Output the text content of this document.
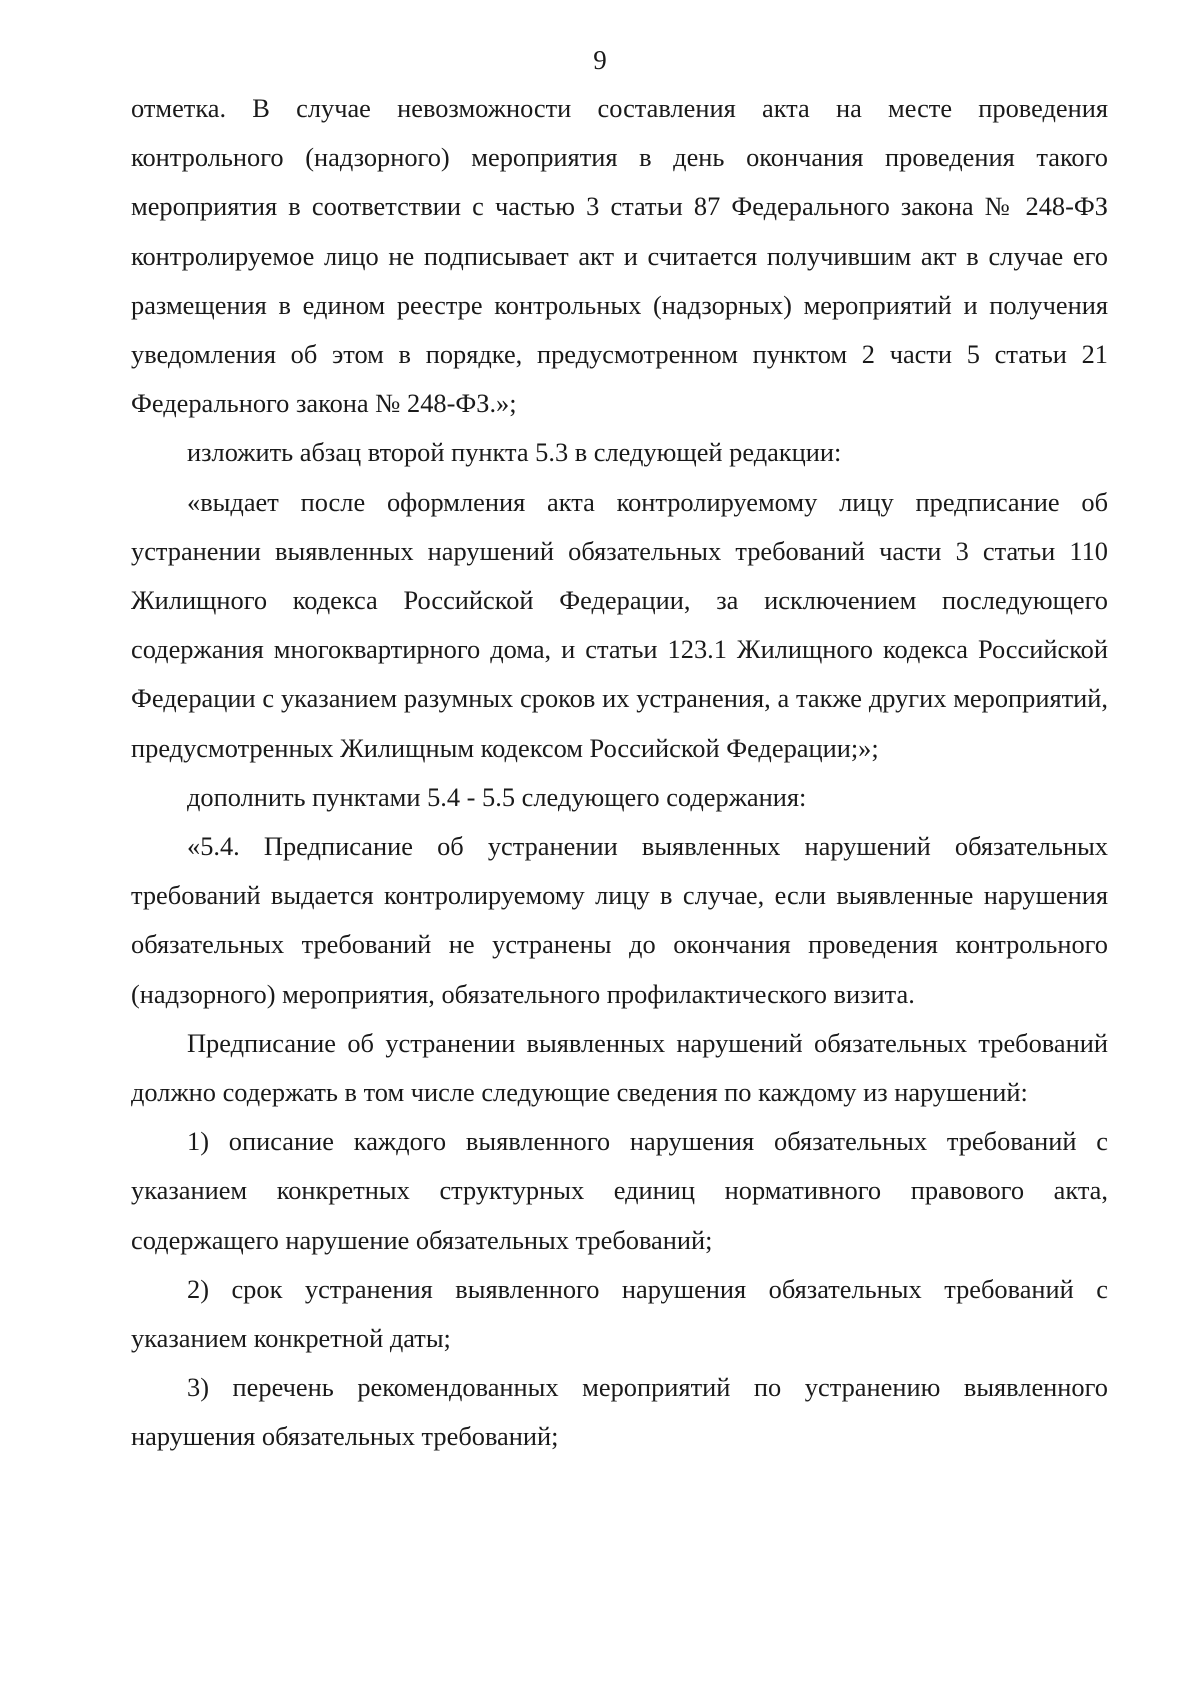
9

отметка. В случае невозможности составления акта на месте проведения контрольного (надзорного) мероприятия в день окончания проведения такого мероприятия в соответствии с частью 3 статьи 87 Федерального закона № 248-ФЗ контролируемое лицо не подписывает акт и считается получившим акт в случае его размещения в едином реестре контрольных (надзорных) мероприятий и получения уведомления об этом в порядке, предусмотренном пунктом 2 части 5 статьи 21 Федерального закона № 248-ФЗ.»;

изложить абзац второй пункта 5.3 в следующей редакции:

«выдает после оформления акта контролируемому лицу предписание об устранении выявленных нарушений обязательных требований части 3 статьи 110 Жилищного кодекса Российской Федерации, за исключением последующего содержания многоквартирного дома, и статьи 123.1 Жилищного кодекса Российской Федерации с указанием разумных сроков их устранения, а также других мероприятий, предусмотренных Жилищным кодексом Российской Федерации;»;

дополнить пунктами 5.4 - 5.5 следующего содержания:

«5.4. Предписание об устранении выявленных нарушений обязательных требований выдается контролируемому лицу в случае, если выявленные нарушения обязательных требований не устранены до окончания проведения контрольного (надзорного) мероприятия, обязательного профилактического визита.

Предписание об устранении выявленных нарушений обязательных требований должно содержать в том числе следующие сведения по каждому из нарушений:

1) описание каждого выявленного нарушения обязательных требований с указанием конкретных структурных единиц нормативного правового акта, содержащего нарушение обязательных требований;

2) срок устранения выявленного нарушения обязательных требований с указанием конкретной даты;

3) перечень рекомендованных мероприятий по устранению выявленного нарушения обязательных требований;
